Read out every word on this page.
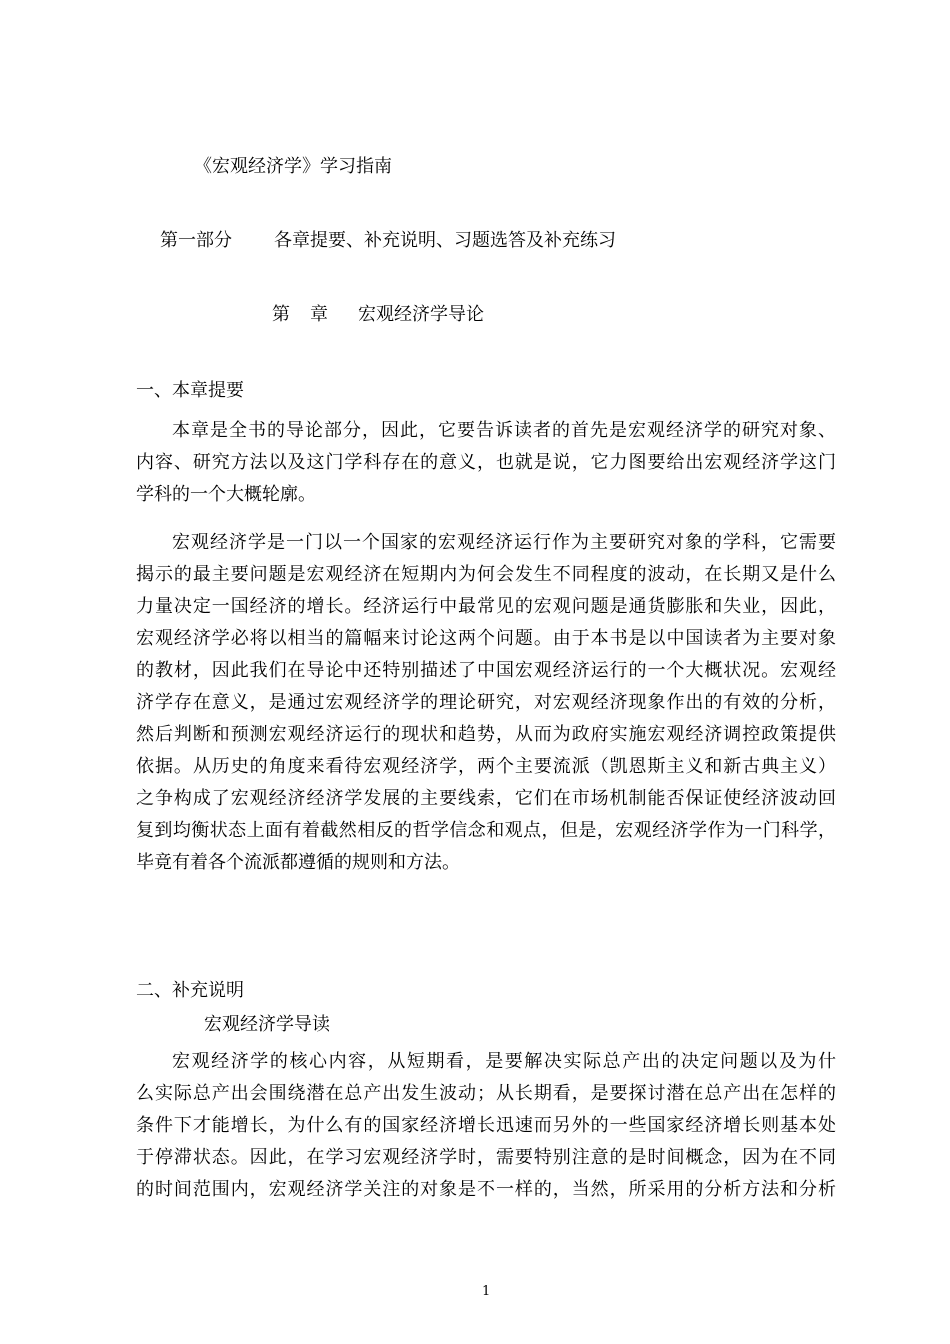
《宏观经济学》学习指南
第一部分 各章提要、补充说明、习题选答及补充练习
第 章 宏观经济学导论
一、本章提要
本章是全书的导论部分，因此，它要告诉读者的首先是宏观经济学的研究对象、
内容、研究方法以及这门学科存在的意义，也就是说，它力图要给出宏观经济学这门
学科的一个大概轮廓。
宏观经济学是一门以一个国家的宏观经济运行作为主要研究对象的学科，它需要
揭示的最主要问题是宏观经济在短期内为何会发生不同程度的波动，在长期又是什么
力量决定一国经济的增长。经济运行中最常见的宏观问题是通货膨胀和失业，因此，
宏观经济学必将以相当的篇幅来讨论这两个问题。由于本书是以中国读者为主要对象
的教材，因此我们在导论中还特别描述了中国宏观经济运行的一个大概状况。宏观经
济学存在意义，是通过宏观经济学的理论研究，对宏观经济现象作出的有效的分析，
然后判断和预测宏观经济运行的现状和趋势，从而为政府实施宏观经济调控政策提供
依据。从历史的角度来看待宏观经济学，两个主要流派（凯恩斯主义和新古典主义）
之争构成了宏观经济经济学发展的主要线索，它们在市场机制能否保证使经济波动回
复到均衡状态上面有着截然相反的哲学信念和观点，但是，宏观经济学作为一门科学，
毕竟有着各个流派都遵循的规则和方法。
二、补充说明
宏观经济学导读
宏观经济学的核心内容，从短期看，是要解决实际总产出的决定问题以及为什
么实际总产出会围绕潜在总产出发生波动；从长期看，是要探讨潜在总产出在怎样的
条件下才能增长，为什么有的国家经济增长迅速而另外的一些国家经济增长则基本处
于停滞状态。因此，在学习宏观经济学时，需要特别注意的是时间概念，因为在不同
的时间范围内，宏观经济学关注的对象是不一样的，当然，所采用的分析方法和分析
1
